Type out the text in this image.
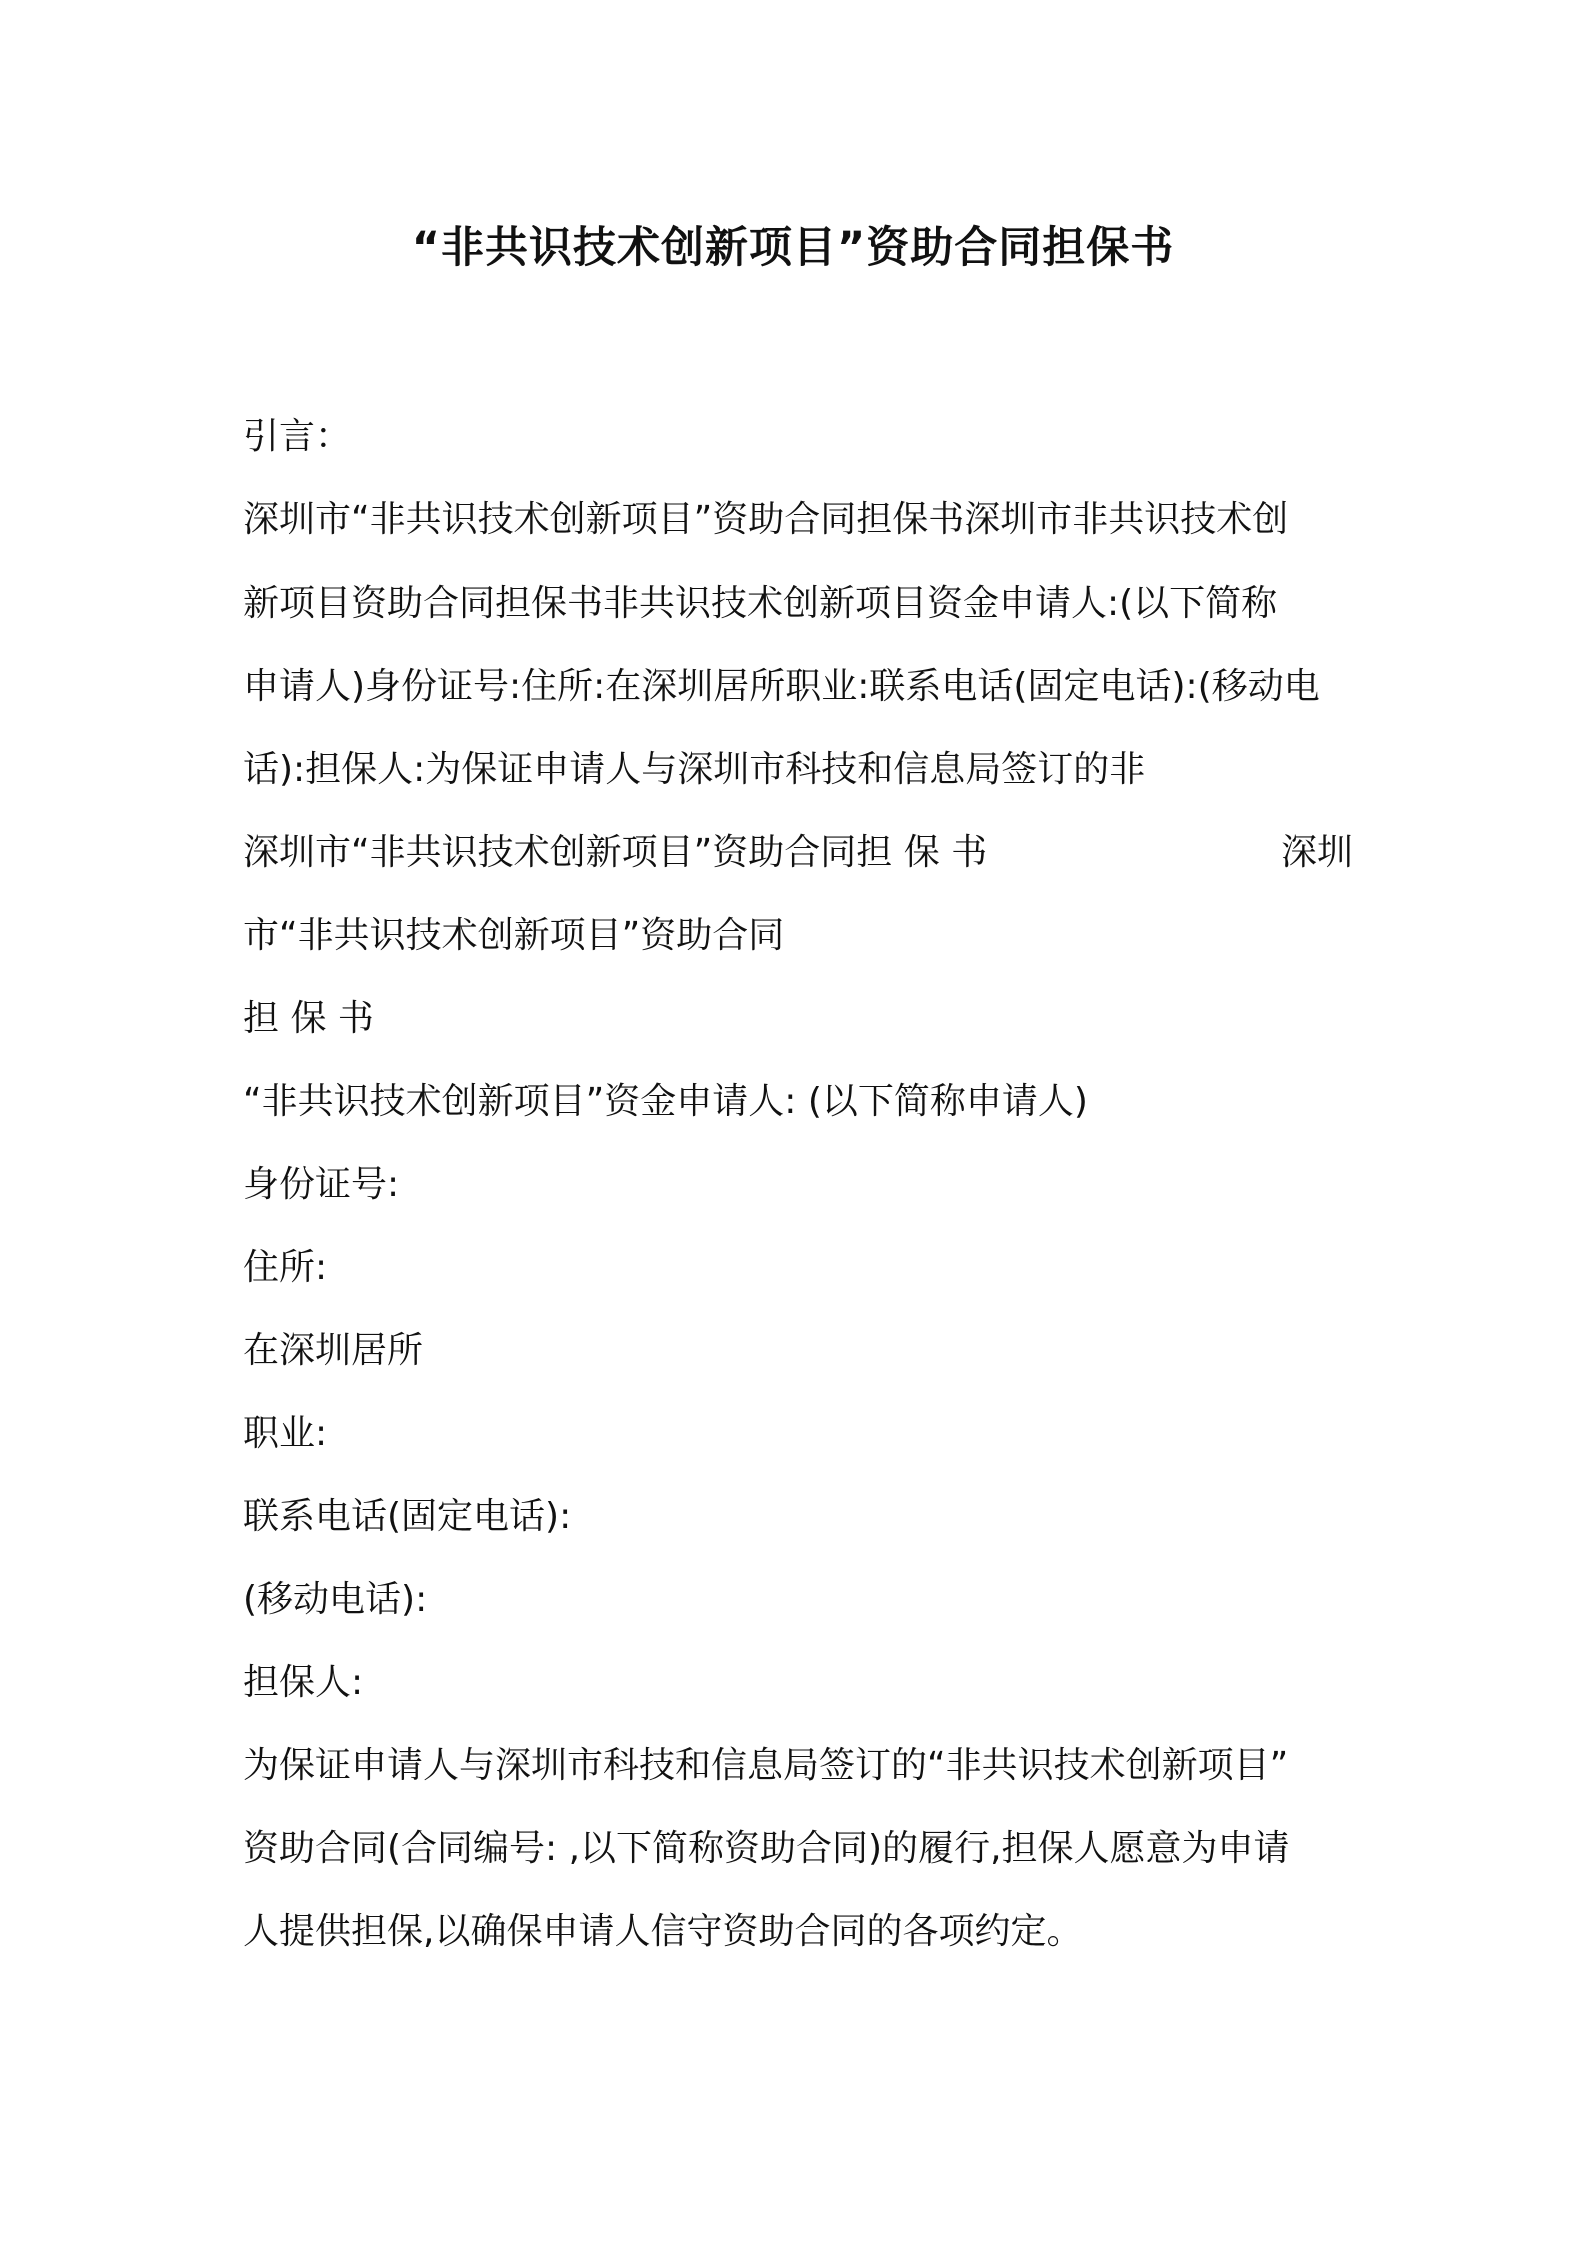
“非共识技术创新项目”资助合同担保书
引言：
深圳市“非共识技术创新项目”资助合同担保书深圳市非共识技术创
新项目资助合同担保书非共识技术创新项目资金申请人:(以下简称
申请人)身份证号:住所:在深圳居所职业:联系电话(固定电话):(移动电
话):担保人:为保证申请人与深圳市科技和信息局签订的非
深圳市“非共识技术创新项目”资助合同担 保 书	深圳
市“非共识技术创新项目”资助合同
担 保 书
“非共识技术创新项目”资金申请人: (以下简称申请人)
身份证号:
住所:
在深圳居所
职业:
联系电话(固定电话):
(移动电话):
担保人:
为保证申请人与深圳市科技和信息局签订的“非共识技术创新项目”
资助合同(合同编号: ,以下简称资助合同)的履行,担保人愿意为申请
人提供担保,以确保申请人信守资助合同的各项约定。
